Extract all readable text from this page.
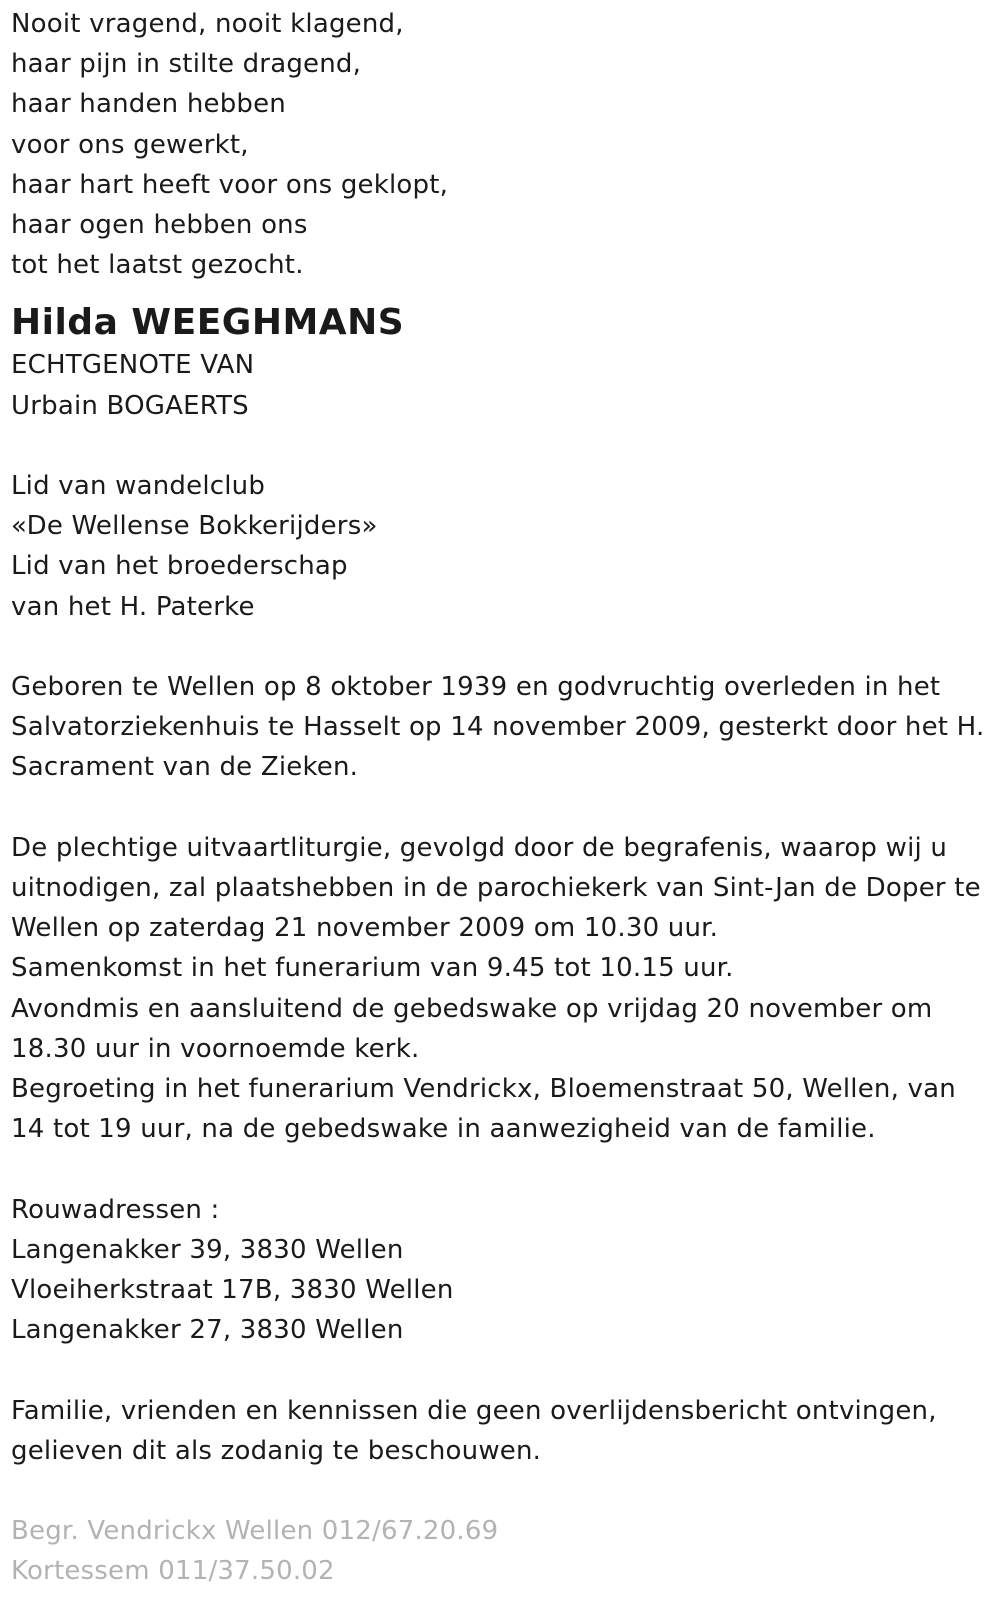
Nooit vragend, nooit klagend,
haar pijn in stilte dragend,
haar handen hebben
voor ons gewerkt,
haar hart heeft voor ons geklopt,
haar ogen hebben ons
tot het laatst gezocht.
Hilda WEEGHMANS
ECHTGENOTE VAN
Urbain BOGAERTS
Lid van wandelclub
«De Wellense Bokkerijders»
Lid van het broederschap
van het H. Paterke
Geboren te Wellen op 8 oktober 1939 en godvruchtig overleden in het
Salvatorziekenhuis te Hasselt op 14 november 2009, gesterkt door het H.
Sacrament van de Zieken.
De plechtige uitvaartliturgie, gevolgd door de begrafenis, waarop wij u
uitnodigen, zal plaatshebben in de parochiekerk van Sint-Jan de Doper te
Wellen op zaterdag 21 november 2009 om 10.30 uur.
Samenkomst in het funerarium van 9.45 tot 10.15 uur.
Avondmis en aansluitend de gebedswake op vrijdag 20 november om
18.30 uur in voornoemde kerk.
Begroeting in het funerarium Vendrickx, Bloemenstraat 50, Wellen, van
14 tot 19 uur, na de gebedswake in aanwezigheid van de familie.
Rouwadressen :
Langenakker 39, 3830 Wellen
Vloeiherkstraat 17B, 3830 Wellen
Langenakker 27, 3830 Wellen
Familie, vrienden en kennissen die geen overlijdensbericht ontvingen,
gelieven dit als zodanig te beschouwen.
Begr. Vendrickx Wellen 012/67.20.69
Kortessem 011/37.50.02
